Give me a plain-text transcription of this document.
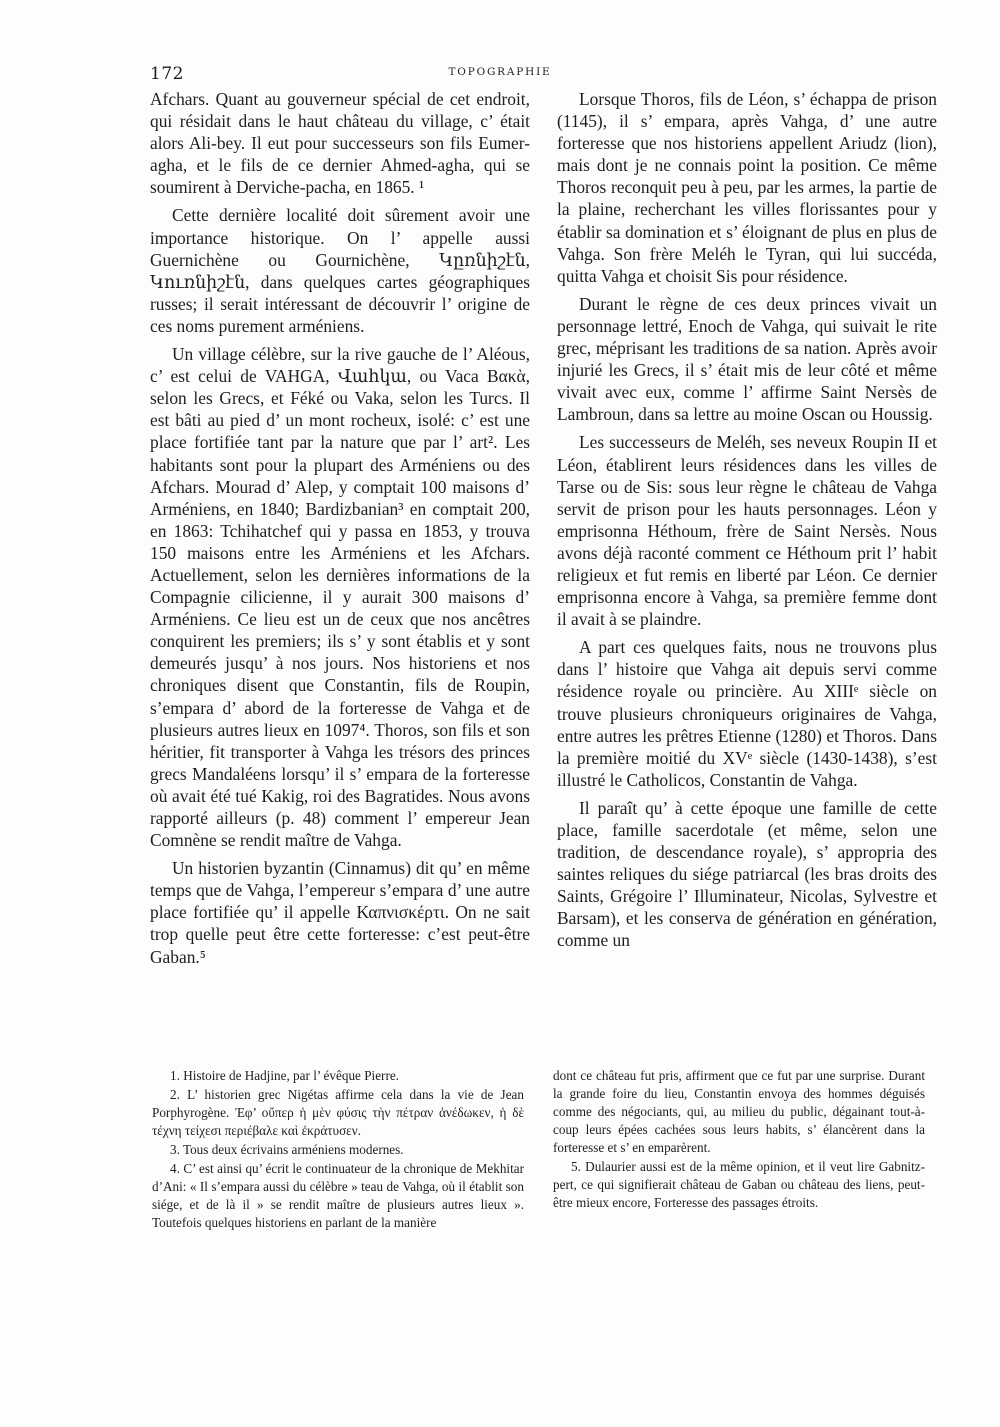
172	TOPOGRAPHIE

Afchars. Quant au gouverneur spécial de cet endroit, qui résidait dans le haut château du village, c’ était alors Ali-bey. Il eut pour successeurs son fils Eumer-agha, et le fils de ce dernier Ahmed-agha, qui se soumirent à Derviche-pacha, en 1865. ¹

Cette dernière localité doit sûrement avoir une importance historique. On l’ appelle aussi Guernichène ou Gournichène, Կըռնիշէն, Կուռնիշէն, dans quelques cartes géographiques russes; il serait intéressant de découvrir l’ origine de ces noms purement arméniens.

Un village célèbre, sur la rive gauche de l’ Aléous, c’ est celui de VAHGA, Վահկա, ou Vaca Βακὰ, selon les Grecs, et Féké ou Vaka, selon les Turcs. Il est bâti au pied d’ un mont rocheux, isolé: c’ est une place fortifiée tant par la nature que par l’ art². Les habitants sont pour la plupart des Arméniens ou des Afchars. Mourad d’ Alep, y comptait 100 maisons d’ Arméniens, en 1840; Bardizbanian³ en comptait 200, en 1863: Tchihatchef qui y passa en 1853, y trouva 150 maisons entre les Arméniens et les Afchars. Actuellement, selon les dernières informations de la Compagnie cilicienne, il y aurait 300 maisons d’ Arméniens. Ce lieu est un de ceux que nos ancêtres conquirent les premiers; ils s’ y sont établis et y sont demeurés jusqu’ à nos jours. Nos historiens et nos chroniques disent que Constantin, fils de Roupin, s’empara d’ abord de la forteresse de Vahga et de plusieurs autres lieux en 1097⁴. Thoros, son fils et son héritier, fit transporter à Vahga les trésors des princes grecs Mandaléens lorsqu’ il s’ empara de la forteresse où avait été tué Kakig, roi des Bagratides. Nous avons rapporté ailleurs (p. 48) comment l’ empereur Jean Comnène se rendit maître de Vahga.

Un historien byzantin (Cinnamus) dit qu’ en même temps que de Vahga, l’empereur s’empara d’ une autre place fortifiée qu’ il appelle Καπνισκέρτι. On ne sait trop quelle peut être cette forteresse: c’est peut-être Gaban.⁵

Lorsque Thoros, fils de Léon, s’ échappa de prison (1145), il s’ empara, après Vahga, d’ une autre forteresse que nos historiens appellent Ariudz (lion), mais dont je ne connais point la position. Ce même Thoros reconquit peu à peu, par les armes, la partie de la plaine, recherchant les villes florissantes pour y établir sa domination et s’ éloignant de plus en plus de Vahga. Son frère Meléh le Tyran, qui lui succéda, quitta Vahga et choisit Sis pour résidence.

Durant le règne de ces deux princes vivait un personnage lettré, Enoch de Vahga, qui suivait le rite grec, méprisant les traditions de sa nation. Après avoir injurié les Grecs, il s’ était mis de leur côté et même vivait avec eux, comme l’ affirme Saint Nersès de Lambroun, dans sa lettre au moine Oscan ou Houssig.

Les successeurs de Meléh, ses neveux Roupin II et Léon, établirent leurs résidences dans les villes de Tarse ou de Sis: sous leur règne le château de Vahga servit de prison pour les hauts personnages. Léon y emprisonna Héthoum, frère de Saint Nersès. Nous avons déjà raconté comment ce Héthoum prit l’ habit religieux et fut remis en liberté par Léon. Ce dernier emprisonna encore à Vahga, sa première femme dont il avait à se plaindre.

A part ces quelques faits, nous ne trouvons plus dans l’ histoire que Vahga ait depuis servi comme résidence royale ou princière. Au XIIIᵉ siècle on trouve plusieurs chroniqueurs originaires de Vahga, entre autres les prêtres Etienne (1280) et Thoros. Dans la première moitié du XVᵉ siècle (1430-1438), s’est illustré le Catholicos, Constantin de Vahga.

Il paraît qu’ à cette époque une famille de cette place, famille sacerdotale (et même, selon une tradition, de descendance royale), s’ appropria des saintes reliques du siége patriarcal (les bras droits des Saints, Grégoire l’ Illuminateur, Nicolas, Sylvestre et Barsam), et les conserva de génération en génération, comme un

1. Histoire de Hadjine, par l’ évêque Pierre.

2. L’ historien grec Nigétas affirme cela dans la vie de Jean Porphyrogène. Ἐφ’ οὔπερ ἡ μὲν φύσις τὴν πέτραν ἀνέδωκεν, ἡ δὲ τέχνη τείχεσι περιέβαλε καὶ ἐκράτυσεν.

3. Tous deux écrivains arméniens modernes.

4. C’ est ainsi qu’ écrit le continuateur de la chronique de Mekhitar d’Ani: « Il s’empara aussi du célèbre » teau de Vahga, où il établit son siége, et de là il » se rendit maître de plusieurs autres lieux ». Toutefois quelques historiens en parlant de la manière

dont ce château fut pris, affirment que ce fut par une surprise. Durant la grande foire du lieu, Constantin envoya des hommes déguisés comme des négociants, qui, au milieu du public, dégainant tout-à-coup leurs épées cachées sous leurs habits, s’ élancèrent dans la forteresse et s’ en emparèrent.

5. Dulaurier aussi est de la même opinion, et il veut lire Gabnitz-pert, ce qui signifierait château de Gaban ou château des liens, peut-être mieux encore, Forteresse des passages étroits.
